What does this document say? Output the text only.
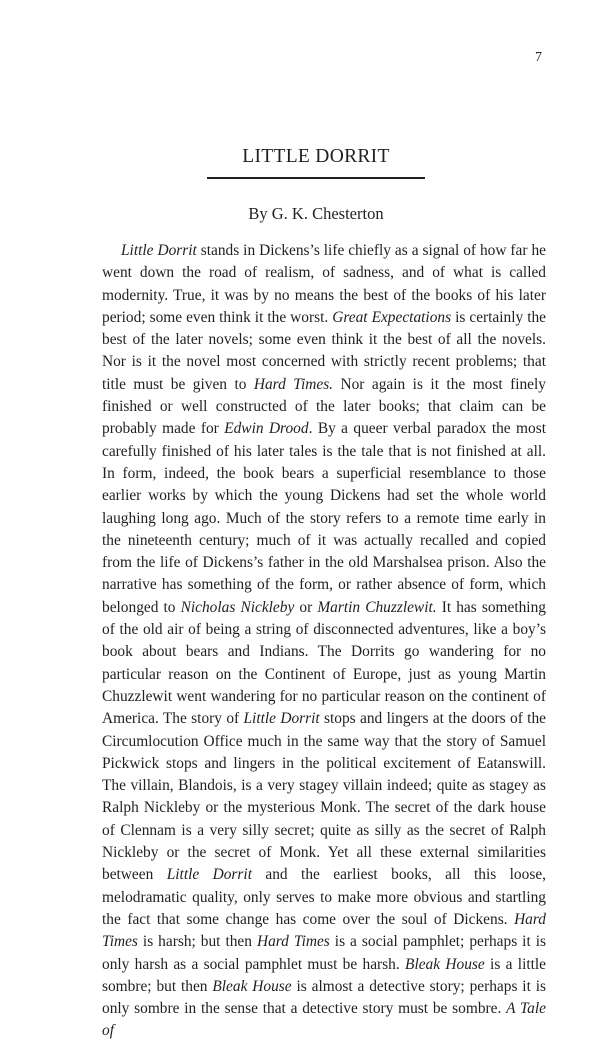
7
LITTLE DORRIT
By G. K. Chesterton

Little Dorrit stands in Dickens’s life chiefly as a signal of how far he went down the road of realism, of sadness, and of what is called modernity. True, it was by no means the best of the books of his later period; some even think it the worst. Great Expectations is certainly the best of the later novels; some even think it the best of all the novels. Nor is it the novel most concerned with strictly recent problems; that title must be given to Hard Times. Nor again is it the most finely finished or well constructed of the later books; that claim can be probably made for Edwin Drood. By a queer verbal paradox the most carefully finished of his later tales is the tale that is not finished at all. In form, indeed, the book bears a superficial resemblance to those earlier works by which the young Dickens had set the whole world laughing long ago. Much of the story refers to a remote time early in the nineteenth century; much of it was actually recalled and copied from the life of Dickens’s father in the old Marshalsea prison. Also the narrative has something of the form, or rather absence of form, which belonged to Nicholas Nickleby or Martin Chuzzlewit. It has something of the old air of being a string of disconnected adventures, like a boy’s book about bears and Indians. The Dorrits go wandering for no particular reason on the Continent of Europe, just as young Martin Chuzzlewit went wandering for no particular reason on the continent of America. The story of Little Dorrit stops and lingers at the doors of the Circumlocution Office much in the same way that the story of Samuel Pickwick stops and lingers in the political excitement of Eatanswill. The villain, Blandois, is a very stagey villain indeed; quite as stagey as Ralph Nickleby or the mysterious Monk. The secret of the dark house of Clennam is a very silly secret; quite as silly as the secret of Ralph Nickleby or the secret of Monk. Yet all these external similarities between Little Dorrit and the earliest books, all this loose, melodramatic quality, only serves to make more obvious and startling the fact that some change has come over the soul of Dickens. Hard Times is harsh; but then Hard Times is a social pamphlet; perhaps it is only harsh as a social pamphlet must be harsh. Bleak House is a little sombre; but then Bleak House is almost a detective story; perhaps it is only sombre in the sense that a detective story must be sombre. A Tale of
